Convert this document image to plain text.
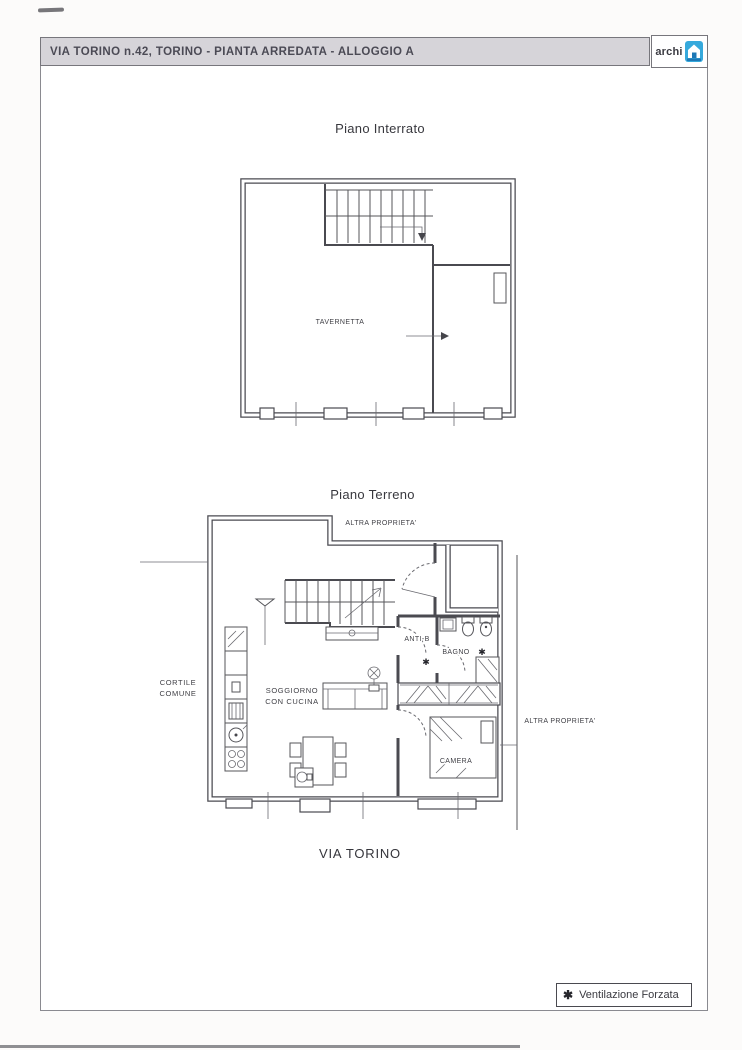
VIA TORINO n.42, TORINO - PIANTA ARREDATA - ALLOGGIO A	archi
Piano Interrato
TAVERNETTA
Piano Terreno
ALTRA PROPRIETA'
CORTILE
COMUNE	SOGGIORNO
CON CUCINA
ANTI-B
✱
BAGNO ✱
CAMERA
ALTRA PROPRIETA'
VIA TORINO
✱ Ventilazione Forzata
